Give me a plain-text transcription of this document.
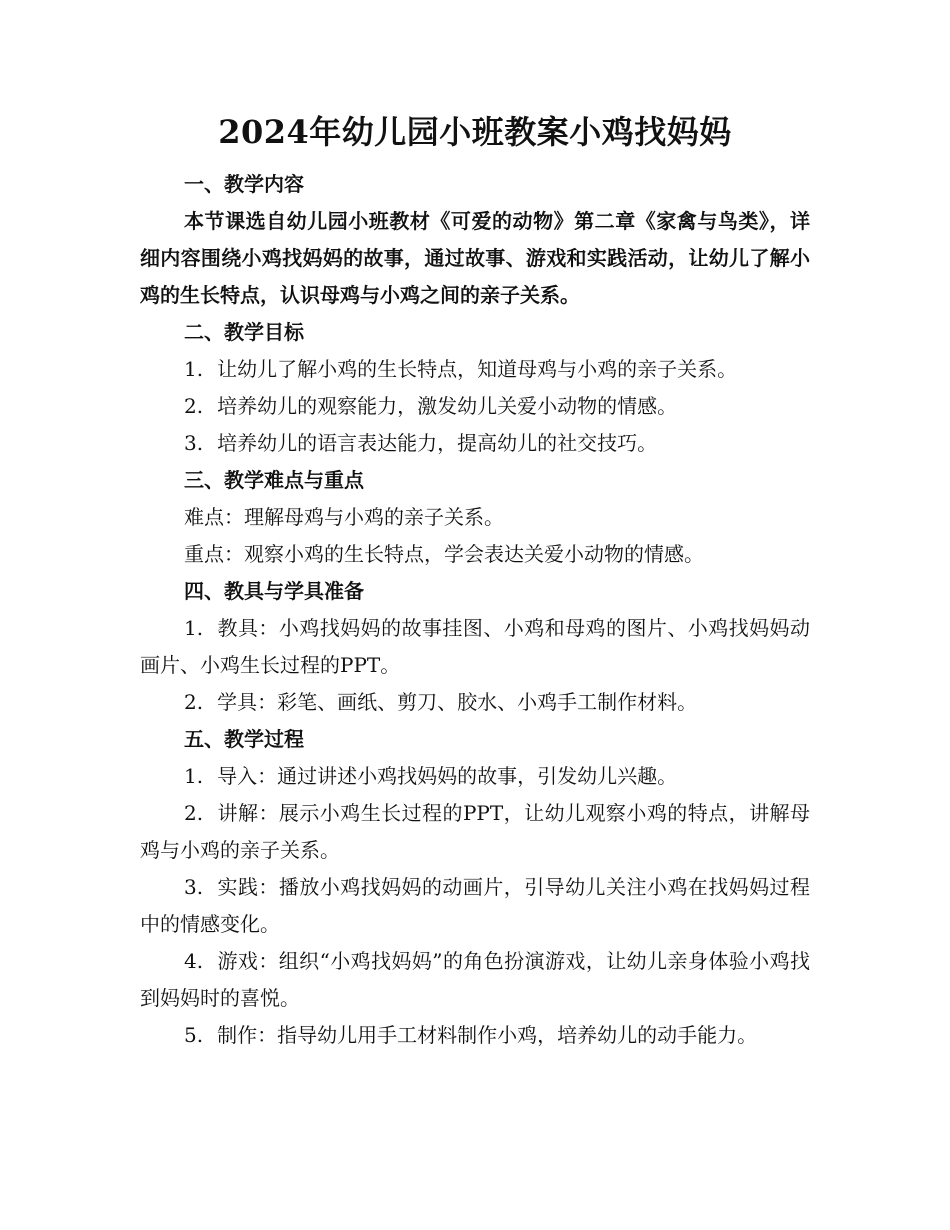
2024年幼儿园小班教案小鸡找妈妈

一、教学内容

本节课选自幼儿园小班教材《可爱的动物》第二章《家禽与鸟类》，详细内容围绕小鸡找妈妈的故事，通过故事、游戏和实践活动，让幼儿了解小鸡的生长特点，认识母鸡与小鸡之间的亲子关系。

二、教学目标

1. 让幼儿了解小鸡的生长特点，知道母鸡与小鸡的亲子关系。

2. 培养幼儿的观察能力，激发幼儿关爱小动物的情感。

3. 培养幼儿的语言表达能力，提高幼儿的社交技巧。

三、教学难点与重点

难点：理解母鸡与小鸡的亲子关系。

重点：观察小鸡的生长特点，学会表达关爱小动物的情感。

四、教具与学具准备

1. 教具：小鸡找妈妈的故事挂图、小鸡和母鸡的图片、小鸡找妈妈动画片、小鸡生长过程的PPT。

2. 学具：彩笔、画纸、剪刀、胶水、小鸡手工制作材料。

五、教学过程

1. 导入：通过讲述小鸡找妈妈的故事，引发幼儿兴趣。

2. 讲解：展示小鸡生长过程的PPT，让幼儿观察小鸡的特点，讲解母鸡与小鸡的亲子关系。

3. 实践：播放小鸡找妈妈的动画片，引导幼儿关注小鸡在找妈妈过程中的情感变化。

4. 游戏：组织“小鸡找妈妈”的角色扮演游戏，让幼儿亲身体验小鸡找到妈妈时的喜悦。

5. 制作：指导幼儿用手工材料制作小鸡，培养幼儿的动手能力。
